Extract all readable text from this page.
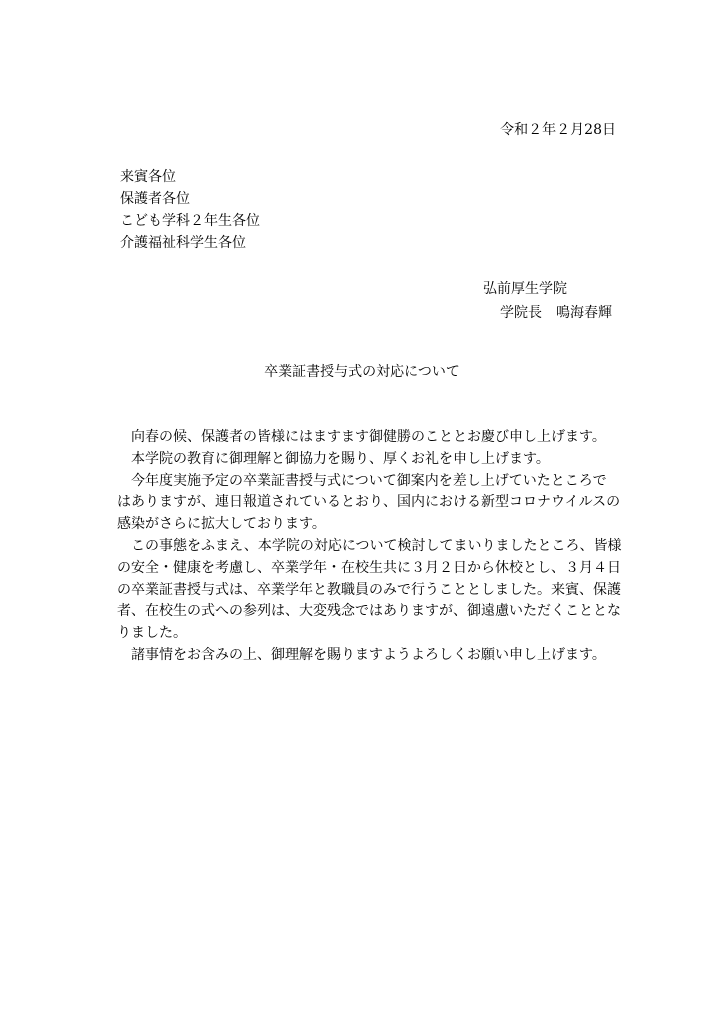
令和２年２月28日
来賓各位
保護者各位
こども学科２年生各位
介護福祉科学生各位
弘前厚生学院
学院長　鳴海春輝
卒業証書授与式の対応について

向春の候、保護者の皆様にはますます御健勝のこととお慶び申し上げます。

本学院の教育に御理解と御協力を賜り、厚くお礼を申し上げます。

今年度実施予定の卒業証書授与式について御案内を差し上げていたところで
はありますが、連日報道されているとおり、国内における新型コロナウイルスの
感染がさらに拡大しております。

この事態をふまえ、本学院の対応について検討してまいりましたところ、皆様
の安全・健康を考慮し、卒業学年・在校生共に３月２日から休校とし、３月４日
の卒業証書授与式は、卒業学年と教職員のみで行うこととしました。来賓、保護
者、在校生の式への参列は、大変残念ではありますが、御遠慮いただくこととな
りました。

諸事情をお含みの上、御理解を賜りますようよろしくお願い申し上げます。
